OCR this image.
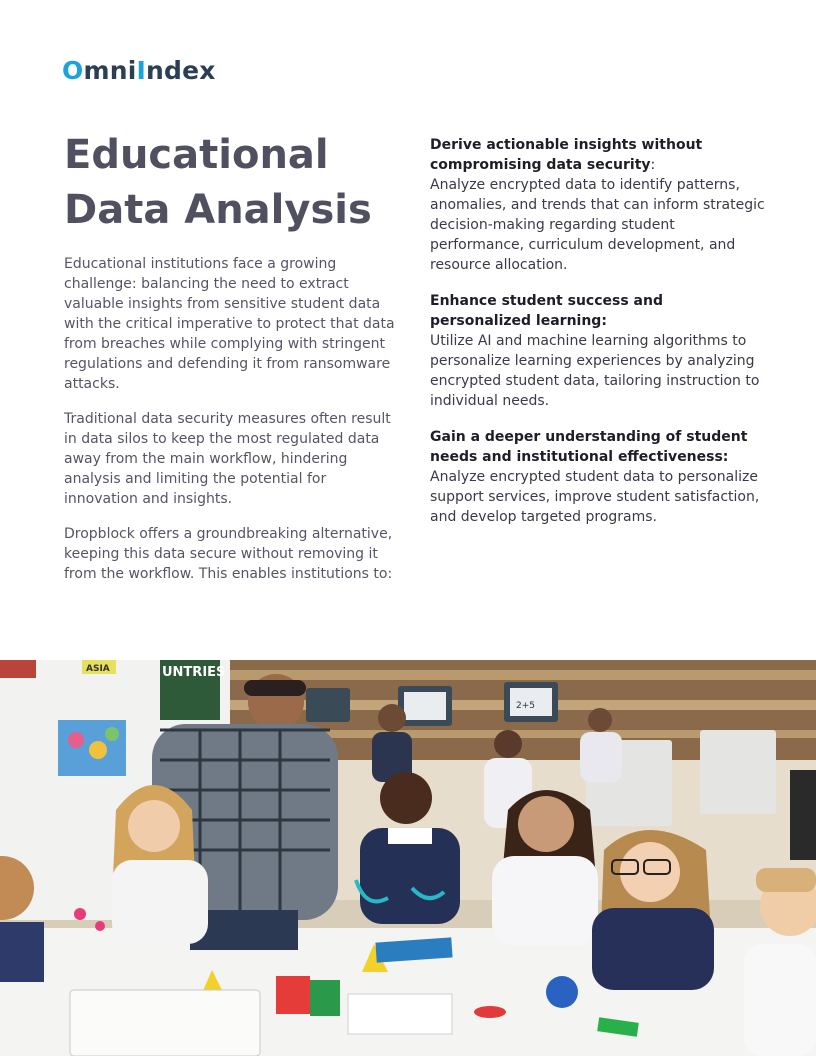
OmniIndex
Educational
Data Analysis

Educational institutions face a growing challenge: balancing the need to extract valuable insights from sensitive student data with the critical imperative to protect that data from breaches while complying with stringent regulations and defending it from ransomware attacks.

Traditional data security measures often result in data silos to keep the most regulated data away from the main workflow, hindering analysis and limiting the potential for innovation and insights.

Dropblock offers a groundbreaking alternative, keeping this data secure without removing it from the workflow. This enables institutions to:

Derive actionable insights without compromising data security:
Analyze encrypted data to identify patterns, anomalies, and trends that can inform strategic decision-making regarding student performance, curriculum development, and resource allocation.
Enhance student success and personalized learning:
Utilize AI and machine learning algorithms to personalize learning experiences by analyzing encrypted student data, tailoring instruction to individual needs.
Gain a deeper understanding of student needs and institutional effectiveness:
Analyze encrypted student data to personalize support services, improve student satisfaction, and develop targeted programs.
UNTRIES
ASIA
2+5
